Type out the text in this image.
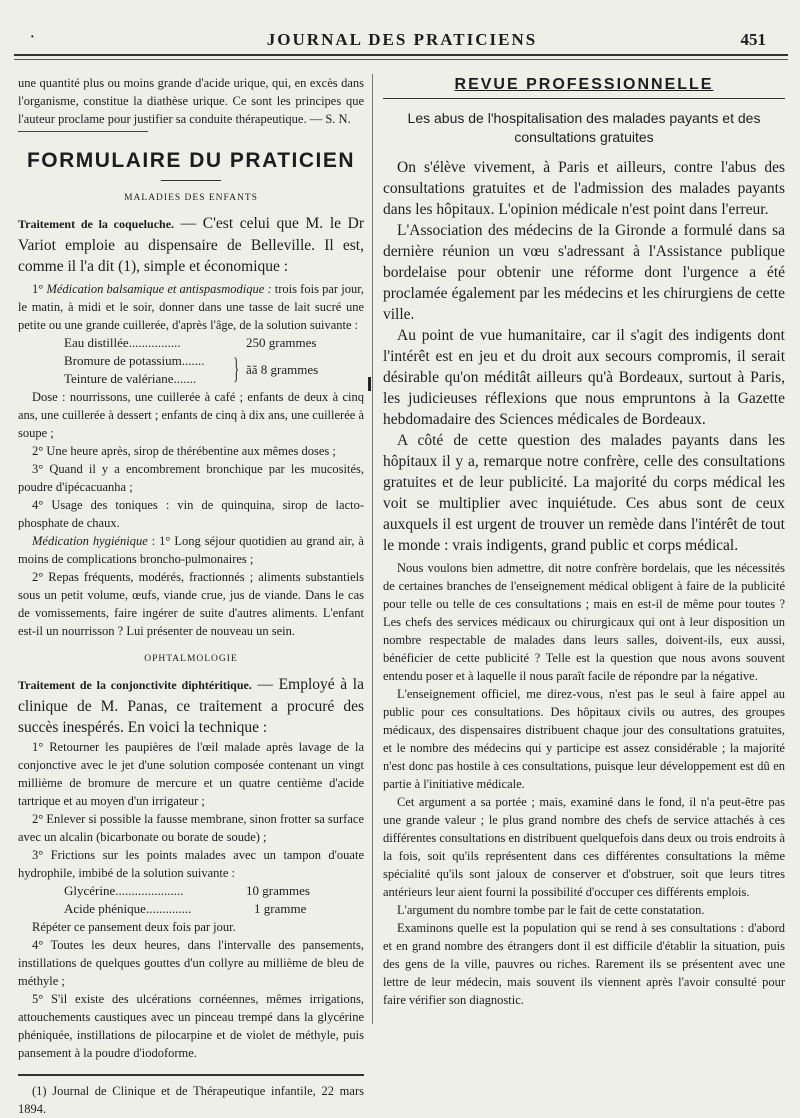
·	JOURNAL DES PRATICIENS	451

une quantité plus ou moins grande d'acide urique, qui, en excès dans l'organisme, constitue la diathèse urique. Ce sont les principes que l'auteur proclame pour justifier sa conduite thérapeutique. — S. N.

FORMULAIRE DU PRATICIEN
MALADIES DES ENFANTS

Traitement de la coqueluche. — C'est celui que M. le Dr Variot emploie au dispensaire de Belleville. Il est, comme il l'a dit (1), simple et économique :

1° Médication balsamique et antispasmodique : trois fois par jour, le matin, à midi et le soir, donner dans une tasse de lait sucré une petite ou une grande cuillerée, d'après l'âge, de la solution suivante :

Eau distillée................	250 grammes
Bromure de potassium.......
Teinture de valériane.......	} ãã 8 grammes

Dose : nourrissons, une cuillerée à café ; enfants de deux à cinq ans, une cuillerée à dessert ; enfants de cinq à dix ans, une cuillerée à soupe ;

2° Une heure après, sirop de thérébentine aux mêmes doses ;

3° Quand il y a encombrement bronchique par les mucosités, poudre d'ipécacuanha ;

4° Usage des toniques : vin de quinquina, sirop de lacto-phosphate de chaux.

Médication hygiénique : 1° Long séjour quotidien au grand air, à moins de complications broncho-pulmonaires ;

2° Repas fréquents, modérés, fractionnés ; aliments substantiels sous un petit volume, œufs, viande crue, jus de viande. Dans le cas de vomissements, faire ingérer de suite d'autres aliments. L'enfant est-il un nourrisson ? Lui présenter de nouveau un sein.

OPHTALMOLOGIE

Traitement de la conjonctivite diphtéritique. — Employé à la clinique de M. Panas, ce traitement a procuré des succès inespérés. En voici la technique :

1° Retourner les paupières de l'œil malade après lavage de la conjonctive avec le jet d'une solution composée contenant un vingt millième de bromure de mercure et un quatre centième d'acide tartrique et au moyen d'un irrigateur ;

2° Enlever si possible la fausse membrane, sinon frotter sa surface avec un alcalin (bicarbonate ou borate de soude) ;

3° Frictions sur les points malades avec un tampon d'ouate hydrophile, imbibé de la solution suivante :

Glycérine.....................	10 grammes
Acide phénique..............	1 gramme

Répéter ce pansement deux fois par jour.

4° Toutes les deux heures, dans l'intervalle des pansements, instillations de quelques gouttes d'un collyre au millième de bleu de méthyle ;

5° S'il existe des ulcérations cornéennes, mêmes irrigations, attouchements caustiques avec un pinceau trempé dans la glycérine phéniquée, instillations de pilocarpine et de violet de méthyle, puis pansement à la poudre d'iodoforme.

(1) Journal de Clinique et de Thérapeutique infantile, 22 mars 1894.

REVUE PROFESSIONNELLE
Les abus de l'hospitalisation des malades payants et des consultations gratuites

On s'élève vivement, à Paris et ailleurs, contre l'abus des consultations gratuites et de l'admission des malades payants dans les hôpitaux. L'opinion médicale n'est point dans l'erreur.

L'Association des médecins de la Gironde a formulé dans sa dernière réunion un vœu s'adressant à l'Assistance publique bordelaise pour obtenir une réforme dont l'urgence a été proclamée également par les médecins et les chirurgiens de cette ville.

Au point de vue humanitaire, car il s'agit des indigents dont l'intérêt est en jeu et du droit aux secours compromis, il serait désirable qu'on méditât ailleurs qu'à Bordeaux, surtout à Paris, les judicieuses réflexions que nous empruntons à la Gazette hebdomadaire des Sciences médicales de Bordeaux.

A côté de cette question des malades payants dans les hôpitaux il y a, remarque notre confrère, celle des consultations gratuites et de leur publicité. La majorité du corps médical les voit se multiplier avec inquiétude. Ces abus sont de ceux auxquels il est urgent de trouver un remède dans l'intérêt de tout le monde : vrais indigents, grand public et corps médical.

Nous voulons bien admettre, dit notre confrère bordelais, que les nécessités de certaines branches de l'enseignement médical obligent à faire de la publicité pour telle ou telle de ces consultations ; mais en est-il de même pour toutes ? Les chefs des services médicaux ou chirurgicaux qui ont à leur disposition un nombre respectable de malades dans leurs salles, doivent-ils, eux aussi, bénéficier de cette publicité ? Telle est la question que nous avons souvent entendu poser et à laquelle il nous paraît facile de répondre par la négative.

L'enseignement officiel, me direz-vous, n'est pas le seul à faire appel au public pour ces consultations. Des hôpitaux civils ou autres, des groupes médicaux, des dispensaires distribuent chaque jour des consultations gratuites, et le nombre des médecins qui y participe est assez considérable ; la majorité n'est donc pas hostile à ces consultations, puisque leur développement est dû en partie à l'initiative médicale.

Cet argument a sa portée ; mais, examiné dans le fond, il n'a peut-être pas une grande valeur ; le plus grand nombre des chefs de service attachés à ces différentes consultations en distribuent quelquefois dans deux ou trois endroits à la fois, soit qu'ils représentent dans ces différentes consultations la même spécialité qu'ils sont jaloux de conserver et d'obstruer, soit que leurs titres antérieurs leur aient fourni la possibilité d'occuper ces différents emplois.

L'argument du nombre tombe par le fait de cette constatation.

Examinons quelle est la population qui se rend à ses consultations : d'abord et en grand nombre des étrangers dont il est difficile d'établir la situation, puis des gens de la ville, pauvres ou riches. Rarement ils se présentent avec une lettre de leur médecin, mais souvent ils viennent après l'avoir consulté pour faire vérifier son diagnostic.
